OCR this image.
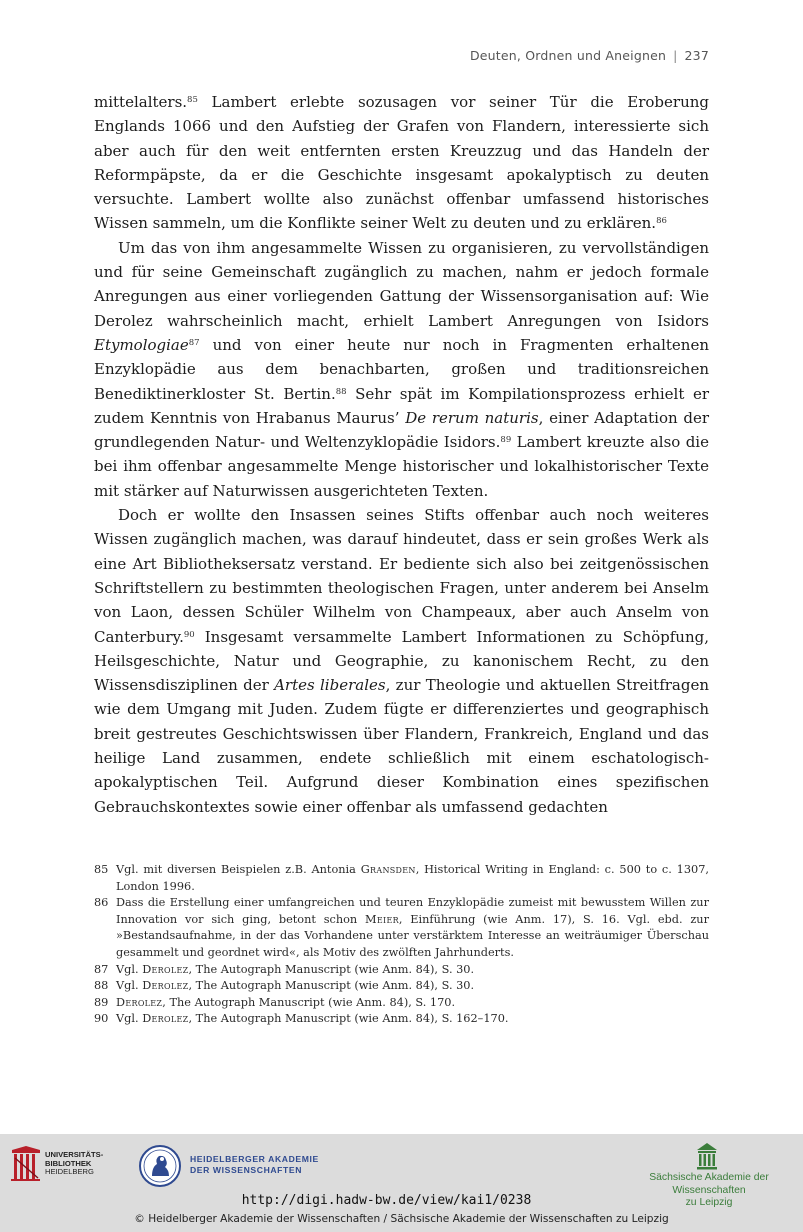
Deuten, Ordnen und Aneignen | 237

mittelalters.$^{85}$ Lambert erlebte sozusagen vor seiner Tür die Eroberung Englands 1066 und den Aufstieg der Grafen von Flandern, interessierte sich aber auch für den weit entfernten ersten Kreuzzug und das Handeln der Reformpäpste, da er die Geschichte insgesamt apokalyptisch zu deuten versuchte. Lambert wollte also zunächst offenbar umfassend historisches Wissen sammeln, um die Konflikte seiner Welt zu deuten und zu erklären.$^{86}$

Um das von ihm angesammelte Wissen zu organisieren, zu vervollständigen und für seine Gemeinschaft zugänglich zu machen, nahm er jedoch formale Anregungen aus einer vorliegenden Gattung der Wissensorganisation auf: Wie Derolez wahrscheinlich macht, erhielt Lambert Anregungen von Isidors Etymologiae$^{87}$ und von einer heute nur noch in Fragmenten erhaltenen Enzyklopädie aus dem benachbarten, großen und traditionsreichen Benediktinerkloster St. Bertin.$^{88}$ Sehr spät im Kompilationsprozess erhielt er zudem Kenntnis von Hrabanus Maurus’ De rerum naturis, einer Adaptation der grundlegenden Natur- und Weltenzyklopädie Isidors.$^{89}$ Lambert kreuzte also die bei ihm offenbar angesammelte Menge historischer und lokalhistorischer Texte mit stärker auf Naturwissen ausgerichteten Texten.

Doch er wollte den Insassen seines Stifts offenbar auch noch weiteres Wissen zugänglich machen, was darauf hindeutet, dass er sein großes Werk als eine Art Bibliotheksersatz verstand. Er bediente sich also bei zeitgenössischen Schriftstellern zu bestimmten theologischen Fragen, unter anderem bei Anselm von Laon, dessen Schüler Wilhelm von Champeaux, aber auch Anselm von Canterbury.$^{90}$ Insgesamt versammelte Lambert Informationen zu Schöpfung, Heilsgeschichte, Natur und Geographie, zu kanonischem Recht, zu den Wissensdisziplinen der Artes liberales, zur Theologie und aktuellen Streitfragen wie dem Umgang mit Juden. Zudem fügte er differenziertes und geographisch breit gestreutes Geschichtswissen über Flandern, Frankreich, England und das heilige Land zusammen, endete schließlich mit einem eschatologisch-apokalyptischen Teil. Aufgrund dieser Kombination eines spezifischen Gebrauchskontextes sowie einer offenbar als umfassend gedachten

85 Vgl. mit diversen Beispielen z.B. Antonia Gransden, Historical Writing in England: c. 500 to c. 1307, London 1996.
86 Dass die Erstellung einer umfangreichen und teuren Enzyklopädie zumeist mit bewusstem Willen zur Innovation vor sich ging, betont schon Meier, Einführung (wie Anm. 17), S. 16. Vgl. ebd. zur »Bestandsaufnahme, in der das Vorhandene unter verstärktem Interesse an weiträumiger Überschau gesammelt und geordnet wird«, als Motiv des zwölften Jahrhunderts.
87 Vgl. Derolez, The Autograph Manuscript (wie Anm. 84), S. 30.
88 Vgl. Derolez, The Autograph Manuscript (wie Anm. 84), S. 30.
89 Derolez, The Autograph Manuscript (wie Anm. 84), S. 170.
90 Vgl. Derolez, The Autograph Manuscript (wie Anm. 84), S. 162–170.
UNIVERSITÄTS-
BIBLIOTHEK
HEIDELBERG
HEIDELBERGER AKADEMIE
DER WISSENSCHAFTEN
Sächsische Akademie der Wissenschaften
zu Leipzig
http://digi.hadw-bw.de/view/kai1/0238
© Heidelberger Akademie der Wissenschaften / Sächsische Akademie der Wissenschaften zu Leipzig
